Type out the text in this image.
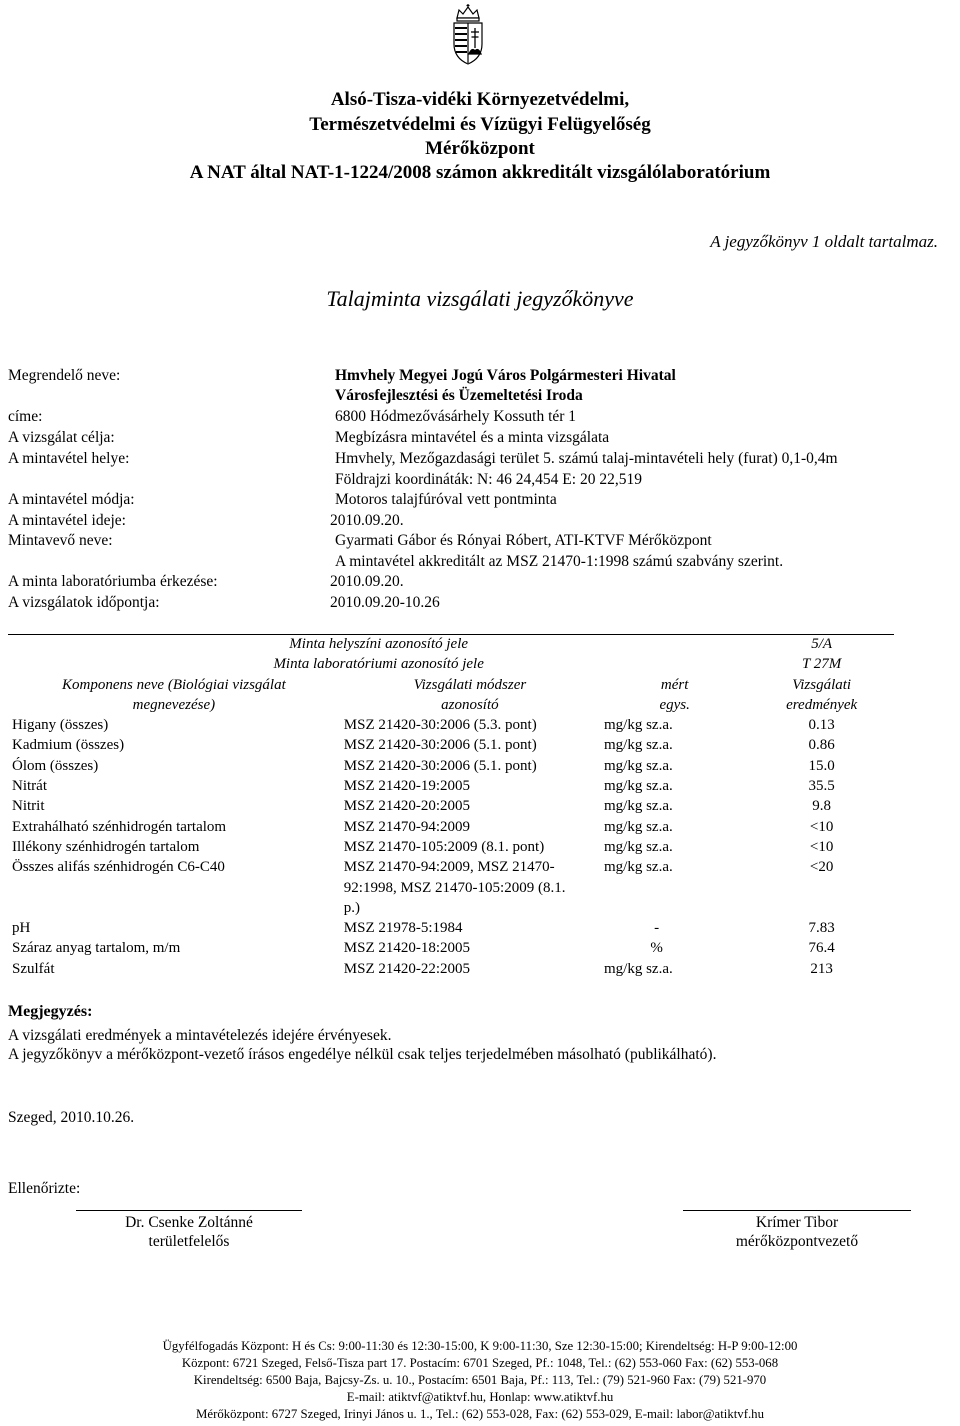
Alsó-Tisza-vidéki Környezetvédelmi,
Természetvédelmi és Vízügyi Felügyelőség
Mérőközpont
A NAT által NAT-1-1224/2008 számon akkreditált vizsgálólaboratórium
A jegyzőkönyv 1 oldalt tartalmaz.
Talajminta vizsgálati jegyzőkönyve
Megrendelő neve:	Hmvhely Megyei Jogú Város Polgármesteri Hivatal
Városfejlesztési és Üzemeltetési Iroda
címe:	6800 Hódmezővásárhely Kossuth tér 1
A vizsgálat célja:	Megbízásra mintavétel és a minta vizsgálata
A mintavétel helye:	Hmvhely, Mezőgazdasági terület 5. számú talaj-mintavételi hely (furat) 0,1-0,4m
Földrajzi koordináták: N: 46 24,454 E: 20 22,519
A mintavétel módja:	Motoros talajfúróval vett pontminta
A mintavétel ideje:	2010.09.20.
Mintavevő neve:	Gyarmati Gábor és Rónyai Róbert, ATI-KTVF Mérőközpont
A mintavétel akkreditált az MSZ 21470-1:1998 számú szabvány szerint.
A minta laboratóriumba érkezése:	2010.09.20.
A vizsgálatok időpontja:	2010.09.20-10.26
Minta helyszíni azonosító jele			5/A
Minta laboratóriumi azonosító jele			T 27M
Komponens neve (Biológiai vizsgálat	Vizsgálati módszer	mért	Vizsgálati
megnevezése)	azonosító	egys.	eredmények
Higany (összes)	MSZ 21420-30:2006 (5.3. pont)	mg/kg sz.a.	0.13
Kadmium (összes)	MSZ 21420-30:2006 (5.1. pont)	mg/kg sz.a.	0.86
Ólom (összes)	MSZ 21420-30:2006 (5.1. pont)	mg/kg sz.a.	15.0
Nitrát	MSZ 21420-19:2005	mg/kg sz.a.	35.5
Nitrit	MSZ 21420-20:2005	mg/kg sz.a.	9.8
Extrahálható szénhidrogén tartalom	MSZ 21470-94:2009	mg/kg sz.a.	<10
Illékony szénhidrogén tartalom	MSZ 21470-105:2009 (8.1. pont)	mg/kg sz.a.	<10
Összes alifás szénhidrogén C6-C40	MSZ 21470-94:2009, MSZ 21470-	mg/kg sz.a.	<20
	92:1998, MSZ 21470-105:2009 (8.1.		
	p.)		
pH	MSZ 21978-5:1984	-	7.83
Száraz anyag tartalom, m/m	MSZ 21420-18:2005	%	76.4
Szulfát	MSZ 21420-22:2005	mg/kg sz.a.	213
Megjegyzés:
A vizsgálati eredmények a mintavételezés idejére érvényesek.
A jegyzőkönyv a mérőközpont-vezető írásos engedélye nélkül csak teljes terjedelmében másolható (publikálható).
Szeged, 2010.10.26.
Ellenőrizte:
Dr. Csenke Zoltánné
területfelelős
Krímer Tibor
mérőközpontvezető
Ügyfélfogadás Központ: H és Cs: 9:00-11:30 és 12:30-15:00, K 9:00-11:30, Sze 12:30-15:00; Kirendeltség: H-P 9:00-12:00
Központ: 6721 Szeged, Felső-Tisza part 17. Postacím: 6701 Szeged, Pf.: 1048, Tel.: (62) 553-060 Fax: (62) 553-068
Kirendeltség: 6500 Baja, Bajcsy-Zs. u. 10., Postacím: 6501 Baja, Pf.: 113, Tel.: (79) 521-960 Fax: (79) 521-970
E-mail: atiktvf@atiktvf.hu, Honlap: www.atiktvf.hu
Mérőközpont: 6727 Szeged, Irinyi János u. 1., Tel.: (62) 553-028, Fax: (62) 553-029, E-mail: labor@atiktvf.hu
